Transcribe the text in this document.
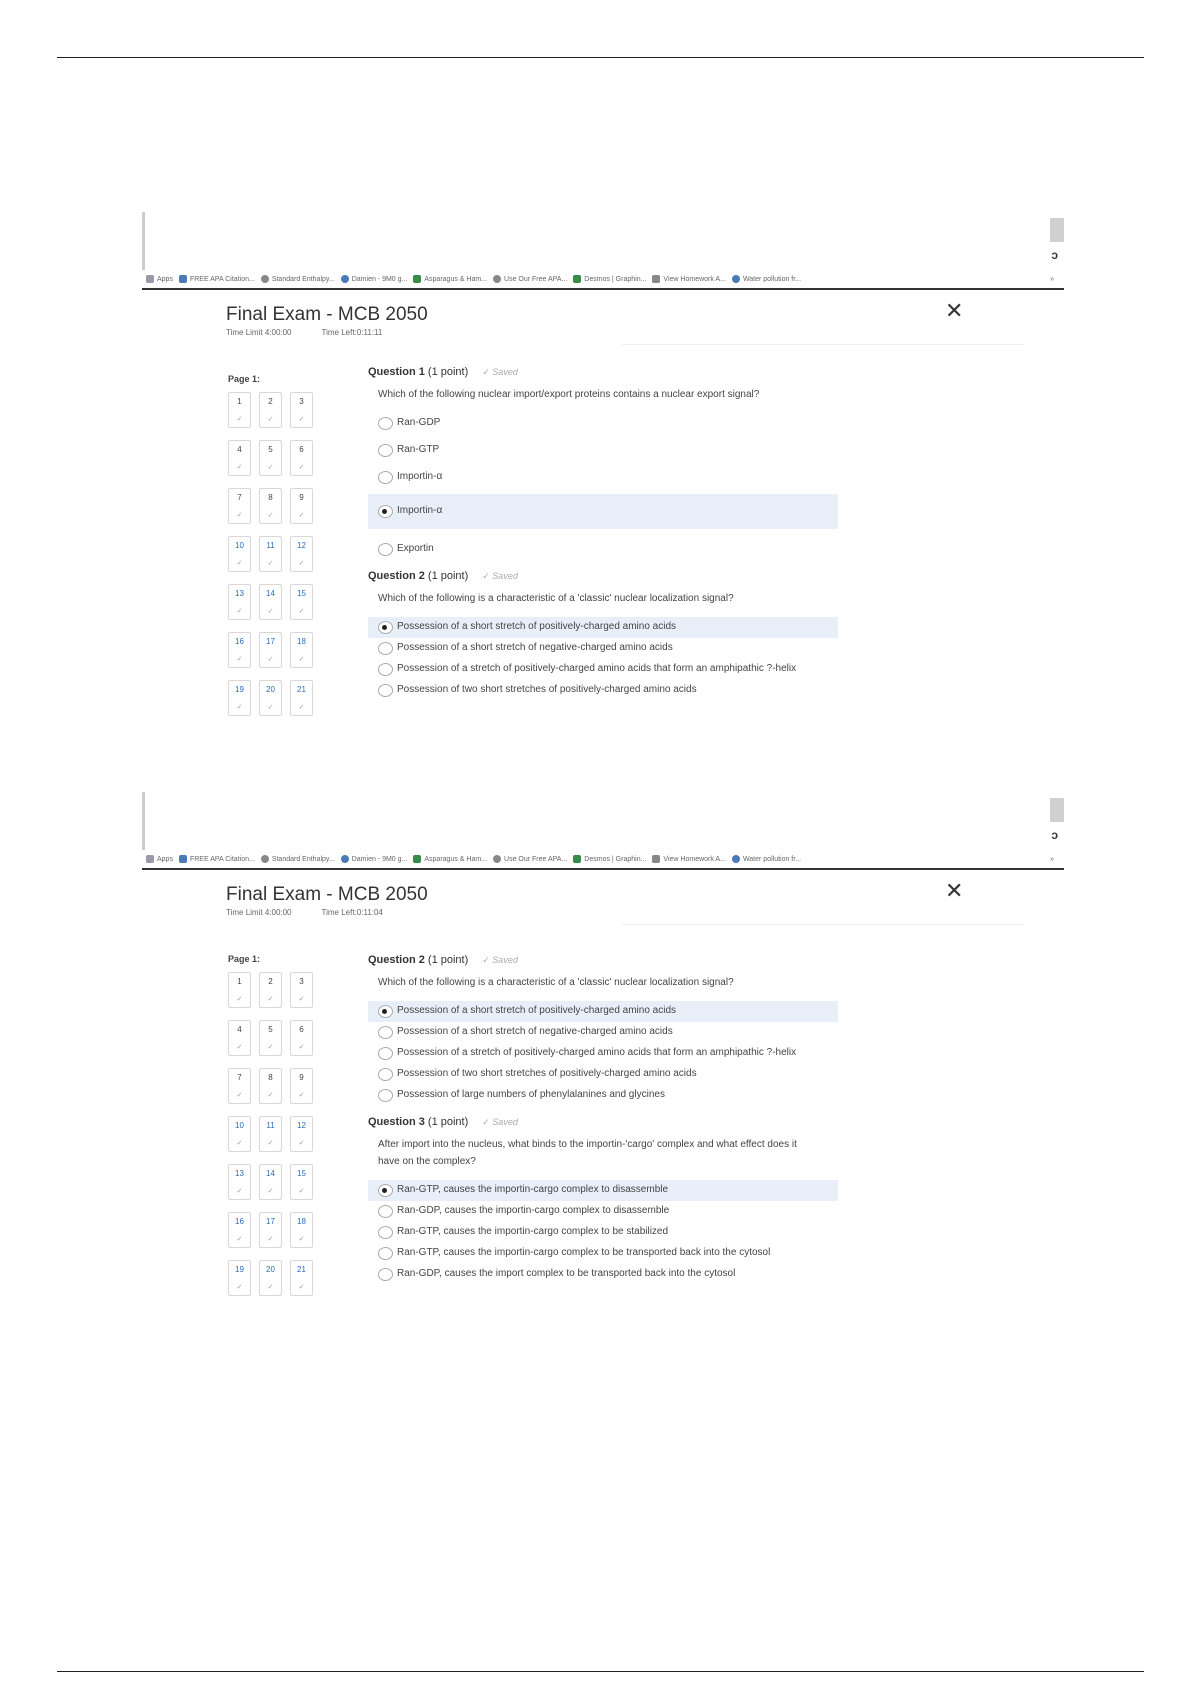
ɔ
Apps FREE APA Citation... Standard Enthalpy... Damien - 9M0 g... Asparagus & Ham... Use Our Free APA... Desmos | Graphin... View Homework A... Water pollution fr...	»
Final Exam - MCB 2050
Time Limit 4:00:00	Time Left:0:11:11
✕
Page 1:
1
✓
2
✓
3
✓
4
✓
5
✓
6
✓
7
✓
8
✓
9
✓
10
✓
11
✓
12
✓
13
✓
14
✓
15
✓
16
✓
17
✓
18
✓
19
✓
20
✓
21
✓
Question 1 (1 point) ✓ Saved
Which of the following nuclear import/export proteins contains a nuclear export signal?
Ran-GDP
Ran-GTP
Importin-α
Importin-α
Exportin
Question 2 (1 point) ✓ Saved
Which of the following is a characteristic of a 'classic' nuclear localization signal?
Possession of a short stretch of positively-charged amino acids
Possession of a short stretch of negative-charged amino acids
Possession of a stretch of positively-charged amino acids that form an amphipathic ?-helix
Possession of two short stretches of positively-charged amino acids
ɔ
Apps FREE APA Citation... Standard Enthalpy... Damien - 9M0 g... Asparagus & Ham... Use Our Free APA... Desmos | Graphin... View Homework A... Water pollution fr...	»
Final Exam - MCB 2050
Time Limit 4:00:00	Time Left:0:11:04
✕
Page 1:
1
✓
2
✓
3
✓
4
✓
5
✓
6
✓
7
✓
8
✓
9
✓
10
✓
11
✓
12
✓
13
✓
14
✓
15
✓
16
✓
17
✓
18
✓
19
✓
20
✓
21
✓
Question 2 (1 point) ✓ Saved
Which of the following is a characteristic of a 'classic' nuclear localization signal?
Possession of a short stretch of positively-charged amino acids
Possession of a short stretch of negative-charged amino acids
Possession of a stretch of positively-charged amino acids that form an amphipathic ?-helix
Possession of two short stretches of positively-charged amino acids
Possession of large numbers of phenylalanines and glycines
Question 3 (1 point) ✓ Saved
After import into the nucleus, what binds to the importin-'cargo' complex and what effect does it have on the complex?
Ran-GTP, causes the importin-cargo complex to disassemble
Ran-GDP, causes the importin-cargo complex to disassemble
Ran-GTP, causes the importin-cargo complex to be stabilized
Ran-GTP, causes the importin-cargo complex to be transported back into the cytosol
Ran-GDP, causes the import complex to be transported back into the cytosol
